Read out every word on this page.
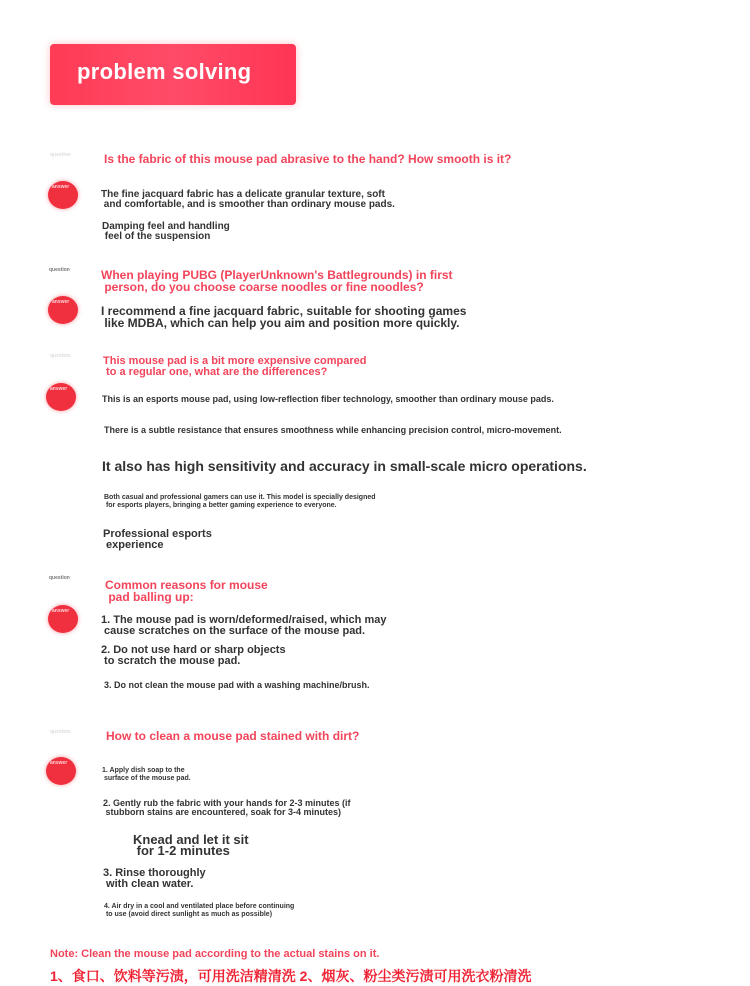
problem solving
question	Is the fabric of this mouse pad abrasive to the hand? How smooth is it?
answer
The fine jacquard fabric has a delicate granular texture, soft
and comfortable, and is smoother than ordinary mouse pads.
Damping feel and handling
feel of the suspension
question	When playing PUBG (PlayerUnknown's Battlegrounds) in first
person, do you choose coarse noodles or fine noodles?
answer
I recommend a fine jacquard fabric, suitable for shooting games
like MDBA, which can help you aim and position more quickly.
question	This mouse pad is a bit more expensive compared
to a regular one, what are the differences?
answer
This is an esports mouse pad, using low-reflection fiber technology, smoother than ordinary mouse pads.
There is a subtle resistance that ensures smoothness while enhancing precision control, micro-movement.
It also has high sensitivity and accuracy in small-scale micro operations.
Both casual and professional gamers can use it. This model is specially designed
for esports players, bringing a better gaming experience to everyone.
Professional esports
experience
question	Common reasons for mouse
pad balling up:
answer
1. The mouse pad is worn/deformed/raised, which may
cause scratches on the surface of the mouse pad.
2. Do not use hard or sharp objects
to scratch the mouse pad.
3. Do not clean the mouse pad with a washing machine/brush.
question	How to clean a mouse pad stained with dirt?
answer
1. Apply dish soap to the
surface of the mouse pad.
2. Gently rub the fabric with your hands for 2-3 minutes (if
stubborn stains are encountered, soak for 3-4 minutes)
Knead and let it sit
for 1-2 minutes
3. Rinse thoroughly
with clean water.
4. Air dry in a cool and ventilated place before continuing
to use (avoid direct sunlight as much as possible)
Note: Clean the mouse pad according to the actual stains on it.
1、食口、饮料等污渍，可用洗洁精清洗 2、烟灰、粉尘类污渍可用洗衣粉清洗
